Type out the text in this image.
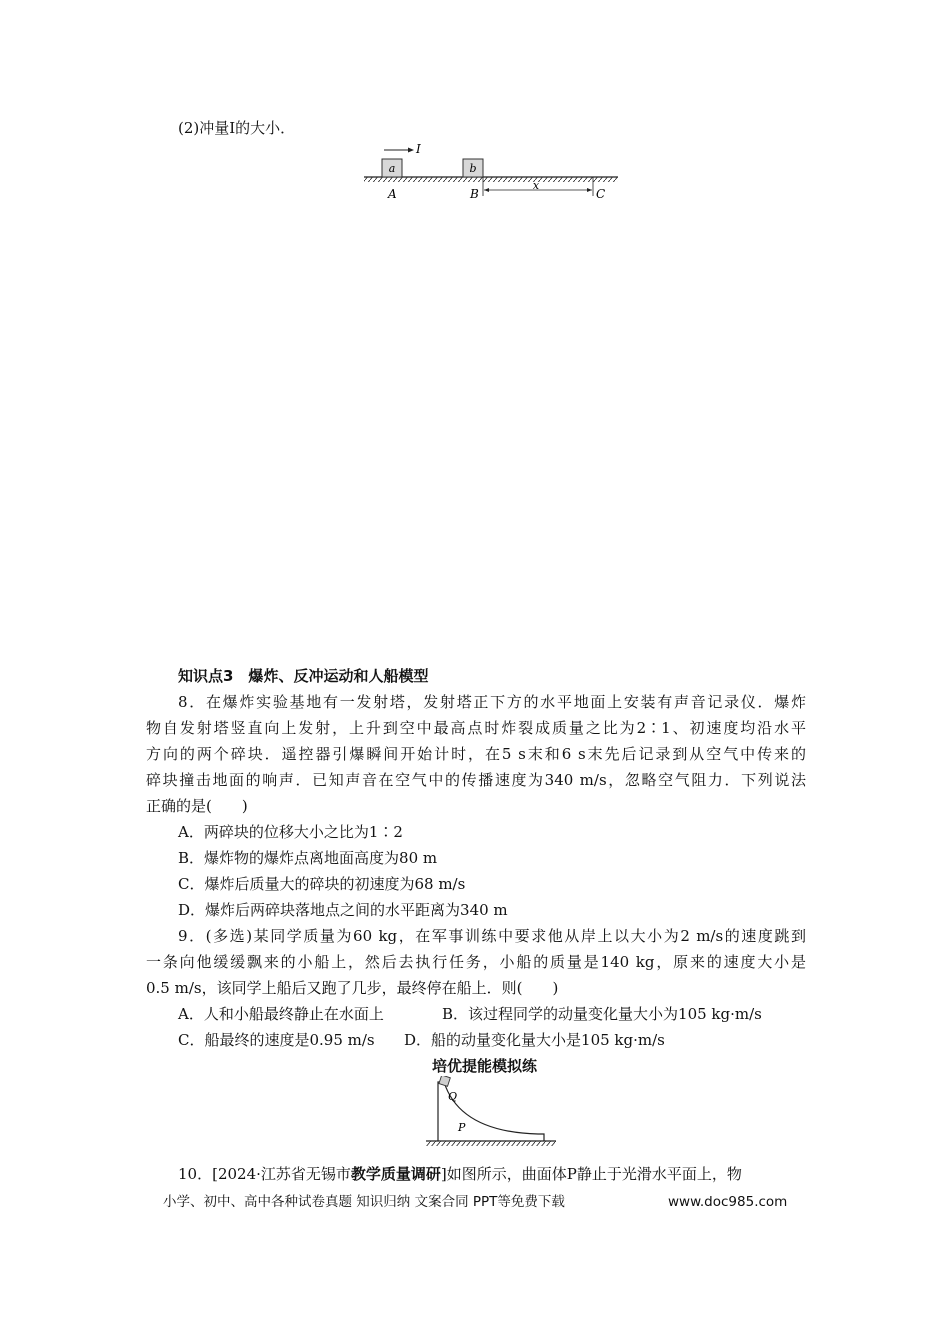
(2)冲量I的大小．
a
I
b
x
A	B	C
知识点3　爆炸、反冲运动和人船模型
8．在爆炸实验基地有一发射塔，发射塔正下方的水平地面上安装有声音记录仪．爆炸
物自发射塔竖直向上发射，上升到空中最高点时炸裂成质量之比为2∶1、初速度均沿水平
方向的两个碎块．遥控器引爆瞬间开始计时，在5 s末和6 s末先后记录到从空气中传来的
碎块撞击地面的响声．已知声音在空气中的传播速度为340 m/s，忽略空气阻力．下列说法
正确的是(　　)
A．两碎块的位移大小之比为1∶2
B．爆炸物的爆炸点离地面高度为80 m
C．爆炸后质量大的碎块的初速度为68 m/s
D．爆炸后两碎块落地点之间的水平距离为340 m
9．(多选)某同学质量为60 kg，在军事训练中要求他从岸上以大小为2 m/s的速度跳到
一条向他缓缓飘来的小船上，然后去执行任务，小船的质量是140 kg，原来的速度大小是
0.5 m/s，该同学上船后又跑了几步，最终停在船上．则(　　)
A．人和小船最终静止在水面上	B．该过程同学的动量变化量大小为105 kg·m/s
C．船最终的速度是0.95 m/s D．船的动量变化量大小是105 kg·m/s
培优提能模拟练
Q
P
10．[2024·江苏省无锡市教学质量调研]如图所示，曲面体P静止于光滑水平面上，物
小学、初中、高中各种试卷真题 知识归纳 文案合同 PPT等免费下载	www.doc985.com
